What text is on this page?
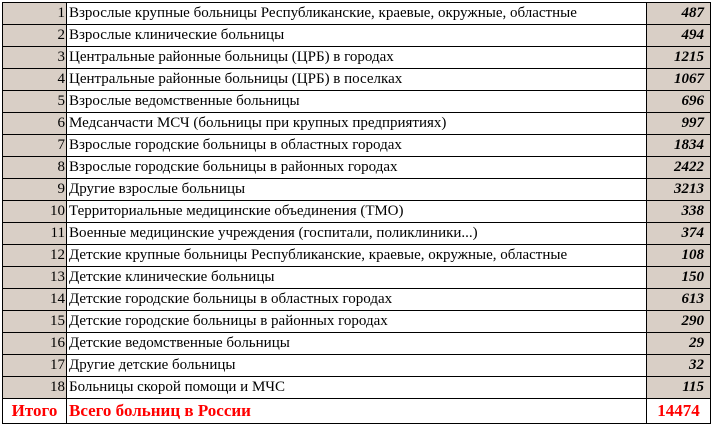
1	Взрослые крупные больницы Республиканские, краевые, окружные, областные	487
2	Взрослые клинические больницы	494
3	Центральные районные больницы (ЦРБ) в городах	1215
4	Центральные районные больницы (ЦРБ) в поселках	1067
5	Взрослые ведомственные больницы	696
6	Медсанчасти МСЧ (больницы при крупных предприятиях)	997
7	Взрослые городские больницы в областных городах	1834
8	Взрослые городские больницы в районных городах	2422
9	Другие взрослые больницы	3213
10	Территориальные медицинские объединения (ТМО)	338
11	Военные медицинские учреждения (госпитали, поликлиники...)	374
12	Детские крупные больницы Республиканские, краевые, окружные, областные	108
13	Детские клинические больницы	150
14	Детские городские больницы в областных городах	613
15	Детские городские больницы в районных городах	290
16	Детские ведомственные больницы	29
17	Другие детские больницы	32
18	Больницы скорой помощи и МЧС	115
Итого	Всего больниц в России	14474
